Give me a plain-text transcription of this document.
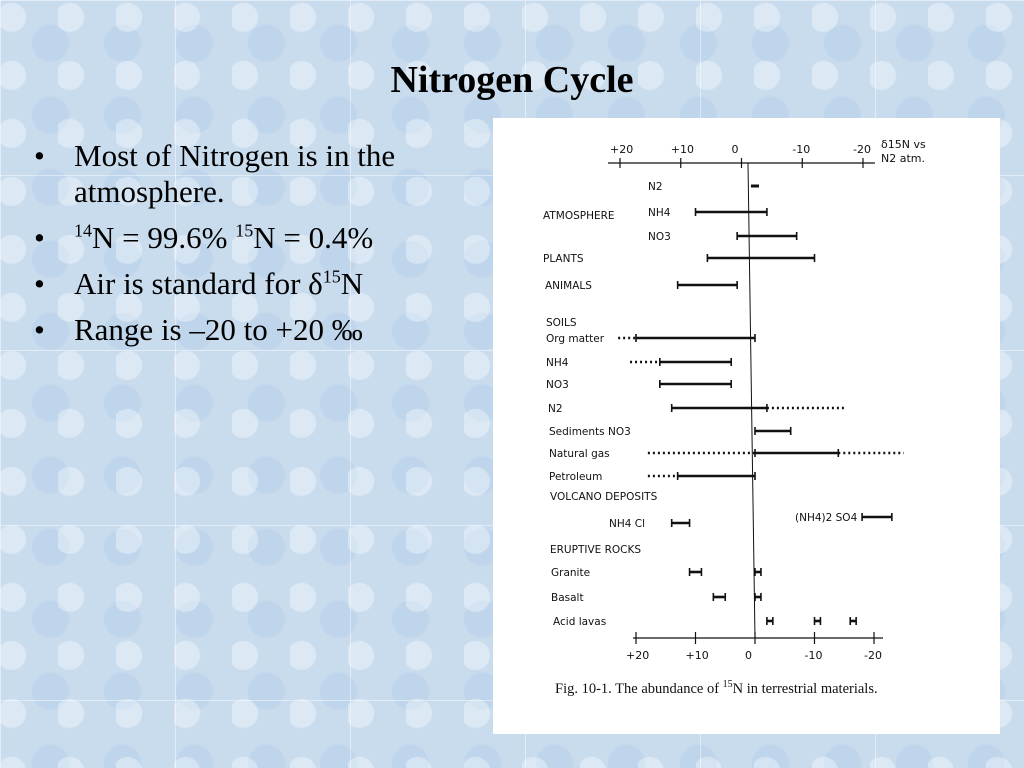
Nitrogen Cycle
• Most of Nitrogen is in the atmosphere.
• $^{14}$N = 99.6% $^{15}$N = 0.4%
• Air is standard for $\delta^{15}N$
• Range is –20 to +20 ‰
+20	+10	0	-10	-20 δ15N vs
N2 atm.
+20	+10	0	-10	-20
ATMOSPHERE
SOILS
VOLCANO DEPOSITS
ERUPTIVE ROCKS
N2
NH4
NO3
PLANTS
ANIMALS
Org matter
NH4
NO3
N2
Sediments NO3
Natural gas
Petroleum
NH4 Cl	(NH4)2 SO4
Granite
Basalt
Acid lavas
Fig. 10-1. The abundance of $^{15}$N in terrestrial materials.
